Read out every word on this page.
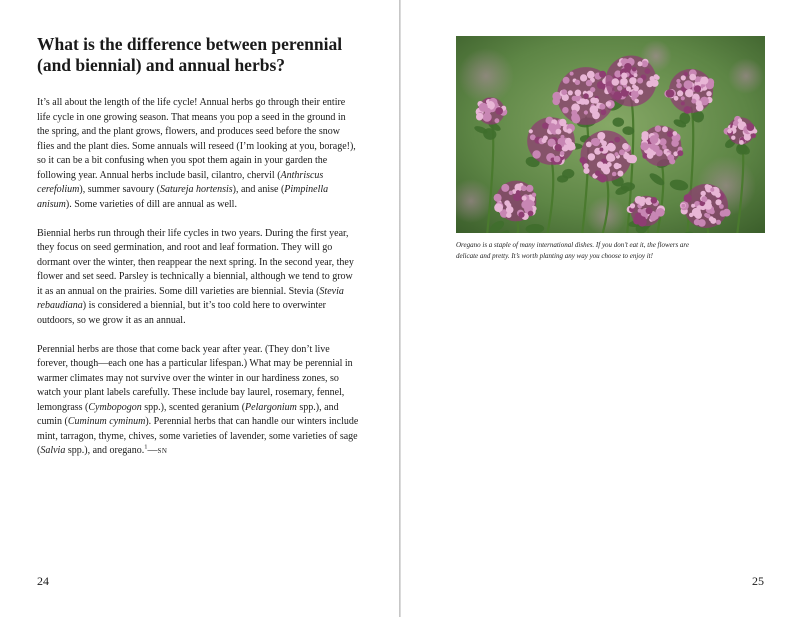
What is the difference between perennial (and biennial) and annual herbs?

It’s all about the length of the life cycle! Annual herbs go through their entire life cycle in one growing season. That means you pop a seed in the ground in the spring, and the plant grows, flowers, and produces seed before the snow flies and the plant dies. Some annuals will reseed (I’m looking at you, borage!), so it can be a bit confusing when you spot them again in your garden the following year. Annual herbs include basil, cilantro, chervil (Anthriscus cerefolium), summer savoury (Satureja hortensis), and anise (Pimpinella anisum). Some varieties of dill are annual as well.

Biennial herbs run through their life cycles in two years. During the first year, they focus on seed germination, and root and leaf formation. They will go dormant over the winter, then reappear the next spring. In the second year, they flower and set seed. Parsley is technically a biennial, although we tend to grow it as an annual on the prairies. Some dill varieties are biennial. Stevia (Stevia rebaudiana) is considered a biennial, but it’s too cold here to overwinter outdoors, so we grow it as an annual.

Perennial herbs are those that come back year after year. (They don’t live forever, though—each one has a particular lifespan.) What may be perennial in warmer climates may not survive over the winter in our hardiness zones, so watch your plant labels carefully. These include bay laurel, rosemary, fennel, lemongrass (Cymbopogon spp.), scented geranium (Pelargonium spp.), and cumin (Cuminum cyminum). Perennial herbs that can handle our winters include mint, tarragon, thyme, chives, some varieties of lavender, some varieties of sage (Salvia spp.), and oregano.$^1$—SN

24

Oregano is a staple of many international dishes. If you don’t eat it, the flowers are delicate and pretty. It’s worth planting any way you choose to enjoy it!

25
